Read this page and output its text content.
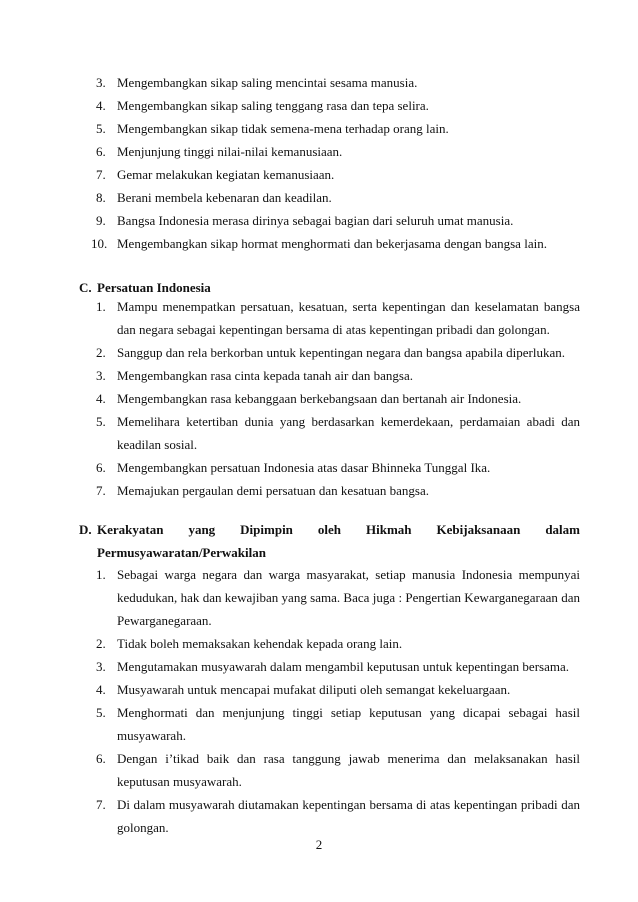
3. Mengembangkan sikap saling mencintai sesama manusia.
4. Mengembangkan sikap saling tenggang rasa dan tepa selira.
5. Mengembangkan sikap tidak semena-mena terhadap orang lain.
6. Menjunjung tinggi nilai-nilai kemanusiaan.
7. Gemar melakukan kegiatan kemanusiaan.
8. Berani membela kebenaran dan keadilan.
9. Bangsa Indonesia merasa dirinya sebagai bagian dari seluruh umat manusia.
10. Mengembangkan sikap hormat menghormati dan bekerjasama dengan bangsa lain.
C. Persatuan Indonesia
1. Mampu menempatkan persatuan, kesatuan, serta kepentingan dan keselamatan bangsa dan negara sebagai kepentingan bersama di atas kepentingan pribadi dan golongan.
2. Sanggup dan rela berkorban untuk kepentingan negara dan bangsa apabila diperlukan.
3. Mengembangkan rasa cinta kepada tanah air dan bangsa.
4. Mengembangkan rasa kebanggaan berkebangsaan dan bertanah air Indonesia.
5. Memelihara ketertiban dunia yang berdasarkan kemerdekaan, perdamaian abadi dan keadilan sosial.
6. Mengembangkan persatuan Indonesia atas dasar Bhinneka Tunggal Ika.
7. Memajukan pergaulan demi persatuan dan kesatuan bangsa.
D. Kerakyatan yang Dipimpin oleh Hikmah Kebijaksanaan dalam Permusyawaratan/Perwakilan
1. Sebagai warga negara dan warga masyarakat, setiap manusia Indonesia mempunyai kedudukan, hak dan kewajiban yang sama. Baca juga : Pengertian Kewarganegaraan dan Pewarganegaraan.
2. Tidak boleh memaksakan kehendak kepada orang lain.
3. Mengutamakan musyawarah dalam mengambil keputusan untuk kepentingan bersama.
4. Musyawarah untuk mencapai mufakat diliputi oleh semangat kekeluargaan.
5. Menghormati dan menjunjung tinggi setiap keputusan yang dicapai sebagai hasil musyawarah.
6. Dengan i’tikad baik dan rasa tanggung jawab menerima dan melaksanakan hasil keputusan musyawarah.
7. Di dalam musyawarah diutamakan kepentingan bersama di atas kepentingan pribadi dan golongan.
2
